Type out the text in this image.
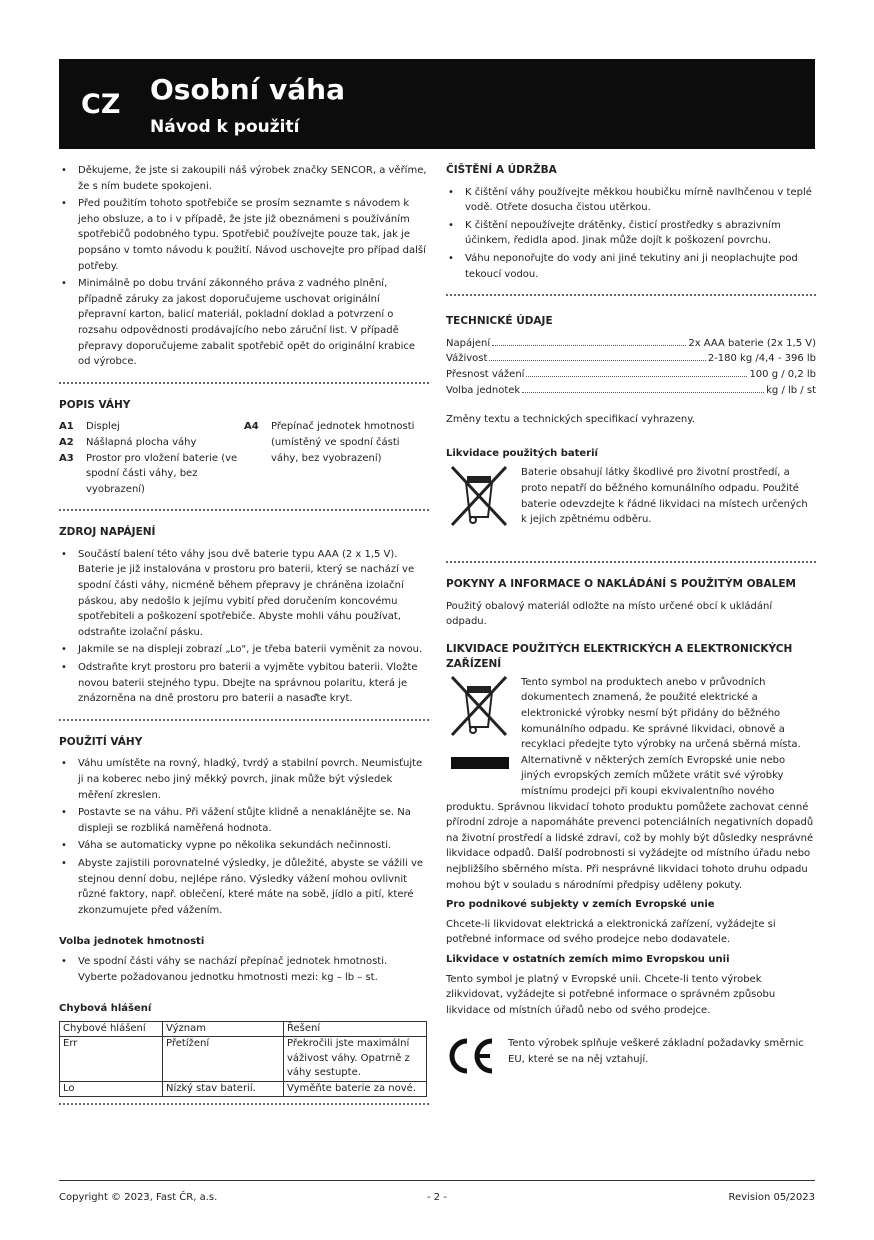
CZ Osobní váha
Návod k použití
• Děkujeme, že jste si zakoupili náš výrobek značky SENCOR, a věříme, že s ním budete spokojeni.
• Před použitím tohoto spotřebiče se prosím seznamte s návodem k jeho obsluze, a to i v případě, že jste již obeznámeni s používáním spotřebičů podobného typu. Spotřebič používejte pouze tak, jak je popsáno v tomto návodu k použití. Návod uschovejte pro případ další potřeby.
• Minimálně po dobu trvání zákonného práva z vadného plnění, případně záruky za jakost doporučujeme uschovat originální přepravní karton, balicí materiál, pokladní doklad a potvrzení o rozsahu odpovědnosti prodávajícího nebo záruční list. V případě přepravy doporučujeme zabalit spotřebič opět do originální krabice od výrobce.
POPIS VÁHY
A1	Displej
A2	Nášlapná plocha váhy
A3	Prostor pro vložení baterie (ve spodní části váhy, bez vyobrazení)
A4	Přepínač jednotek hmotnosti (umístěný ve spodní části váhy, bez vyobrazení)
ZDROJ NAPÁJENÍ
• Součástí balení této váhy jsou dvě baterie typu AAA (2 x 1,5 V). Baterie je již instalována v prostoru pro baterii, který se nachází ve spodní části váhy, nicméně během přepravy je chráněna izolační páskou, aby nedošlo k jejímu vybití před doručením koncovému spotřebiteli a poškození spotřebiče. Abyste mohli váhu používat, odstraňte izolační pásku.
• Jakmile se na displeji zobrazí „Lo", je třeba baterii vyměnit za novou.
• Odstraňte kryt prostoru pro baterii a vyjměte vybitou baterii. Vložte novou baterii stejného typu. Dbejte na správnou polaritu, která je znázorněna na dně prostoru pro baterii a nasaďte kryt.
POUŽITÍ VÁHY
• Váhu umístěte na rovný, hladký, tvrdý a stabilní povrch. Neumisťujte ji na koberec nebo jiný měkký povrch, jinak může být výsledek měření zkreslen.
• Postavte se na váhu. Při vážení stůjte klidně a nenaklánějte se. Na displeji se rozbliká naměřená hodnota.
• Váha se automaticky vypne po několika sekundách nečinnosti.
• Abyste zajistili porovnatelné výsledky, je důležité, abyste se vážili ve stejnou denní dobu, nejlépe ráno. Výsledky vážení mohou ovlivnit různé faktory, např. oblečení, které máte na sobě, jídlo a pití, které zkonzumujete před vážením.
Volba jednotek hmotnosti
• Ve spodní části váhy se nachází přepínač jednotek hmotnosti. Vyberte požadovanou jednotku hmotnosti mezi: kg – lb – st.
Chybová hlášení
Chybové hlášení	Význam	Řešení
Err	Přetížení	Překročili jste maximální váživost váhy. Opatrně z váhy sestupte.
Lo	Nízký stav baterií.	Vyměňte baterie za nové.
ČIŠTĚNÍ A ÚDRŽBA
• K čištění váhy používejte měkkou houbičku mírně navlhčenou v teplé vodě. Otřete dosucha čistou utěrkou.
• K čištění nepoužívejte drátěnky, čisticí prostředky s abrazivním účinkem, ředidla apod. Jinak může dojít k poškození povrchu.
• Váhu neponořujte do vody ani jiné tekutiny ani ji neoplachujte pod tekoucí vodou.
TECHNICKÉ ÚDAJE
Napájení	2x AAA baterie (2x 1,5 V)
Váživost	2-180 kg /4,4 - 396 lb
Přesnost vážení	100 g / 0,2 lb
Volba jednotek	kg / lb / st

Změny textu a technických specifikací vyhrazeny.

Likvidace použitých baterií

Baterie obsahují látky škodlivé pro životní prostředí, a proto nepatří do běžného komunálního odpadu. Použité baterie odevzdejte k řádné likvidaci na místech určených k jejich zpětnému odběru.

POKYNY A INFORMACE O NAKLÁDÁNÍ S POUŽITÝM OBALEM

Použitý obalový materiál odložte na místo určené obcí k ukládání odpadu.

LIKVIDACE POUŽITÝCH ELEKTRICKÝCH A ELEKTRONICKÝCH ZAŘÍZENÍ

Tento symbol na produktech anebo v průvodních dokumentech znamená, že použité elektrické a elektronické výrobky nesmí být přidány do běžného komunálního odpadu. Ke správné likvidaci, obnově a recyklaci předejte tyto výrobky na určená sběrná místa. Alternativně v některých zemích Evropské unie nebo jiných evropských zemích můžete vrátit své výrobky místnímu prodejci při koupi ekvivalentního nového

produktu. Správnou likvidací tohoto produktu pomůžete zachovat cenné přírodní zdroje a napomáháte prevenci potenciálních negativních dopadů na životní prostředí a lidské zdraví, což by mohly být důsledky nesprávné likvidace odpadů. Další podrobnosti si vyžádejte od místního úřadu nebo nejbližšího sběrného místa. Při nesprávné likvidaci tohoto druhu odpadu mohou být v souladu s národními předpisy uděleny pokuty.

Pro podnikové subjekty v zemích Evropské unie

Chcete-li likvidovat elektrická a elektronická zařízení, vyžádejte si potřebné informace od svého prodejce nebo dodavatele.

Likvidace v ostatních zemích mimo Evropskou unii

Tento symbol je platný v Evropské unii. Chcete-li tento výrobek zlikvidovat, vyžádejte si potřebné informace o správném způsobu likvidace od místních úřadů nebo od svého prodejce.

Tento výrobek splňuje veškeré základní požadavky směrnic EU, které se na něj vztahují.

Copyright © 2023, Fast ČR, a.s.	- 2 -	Revision 05/2023
